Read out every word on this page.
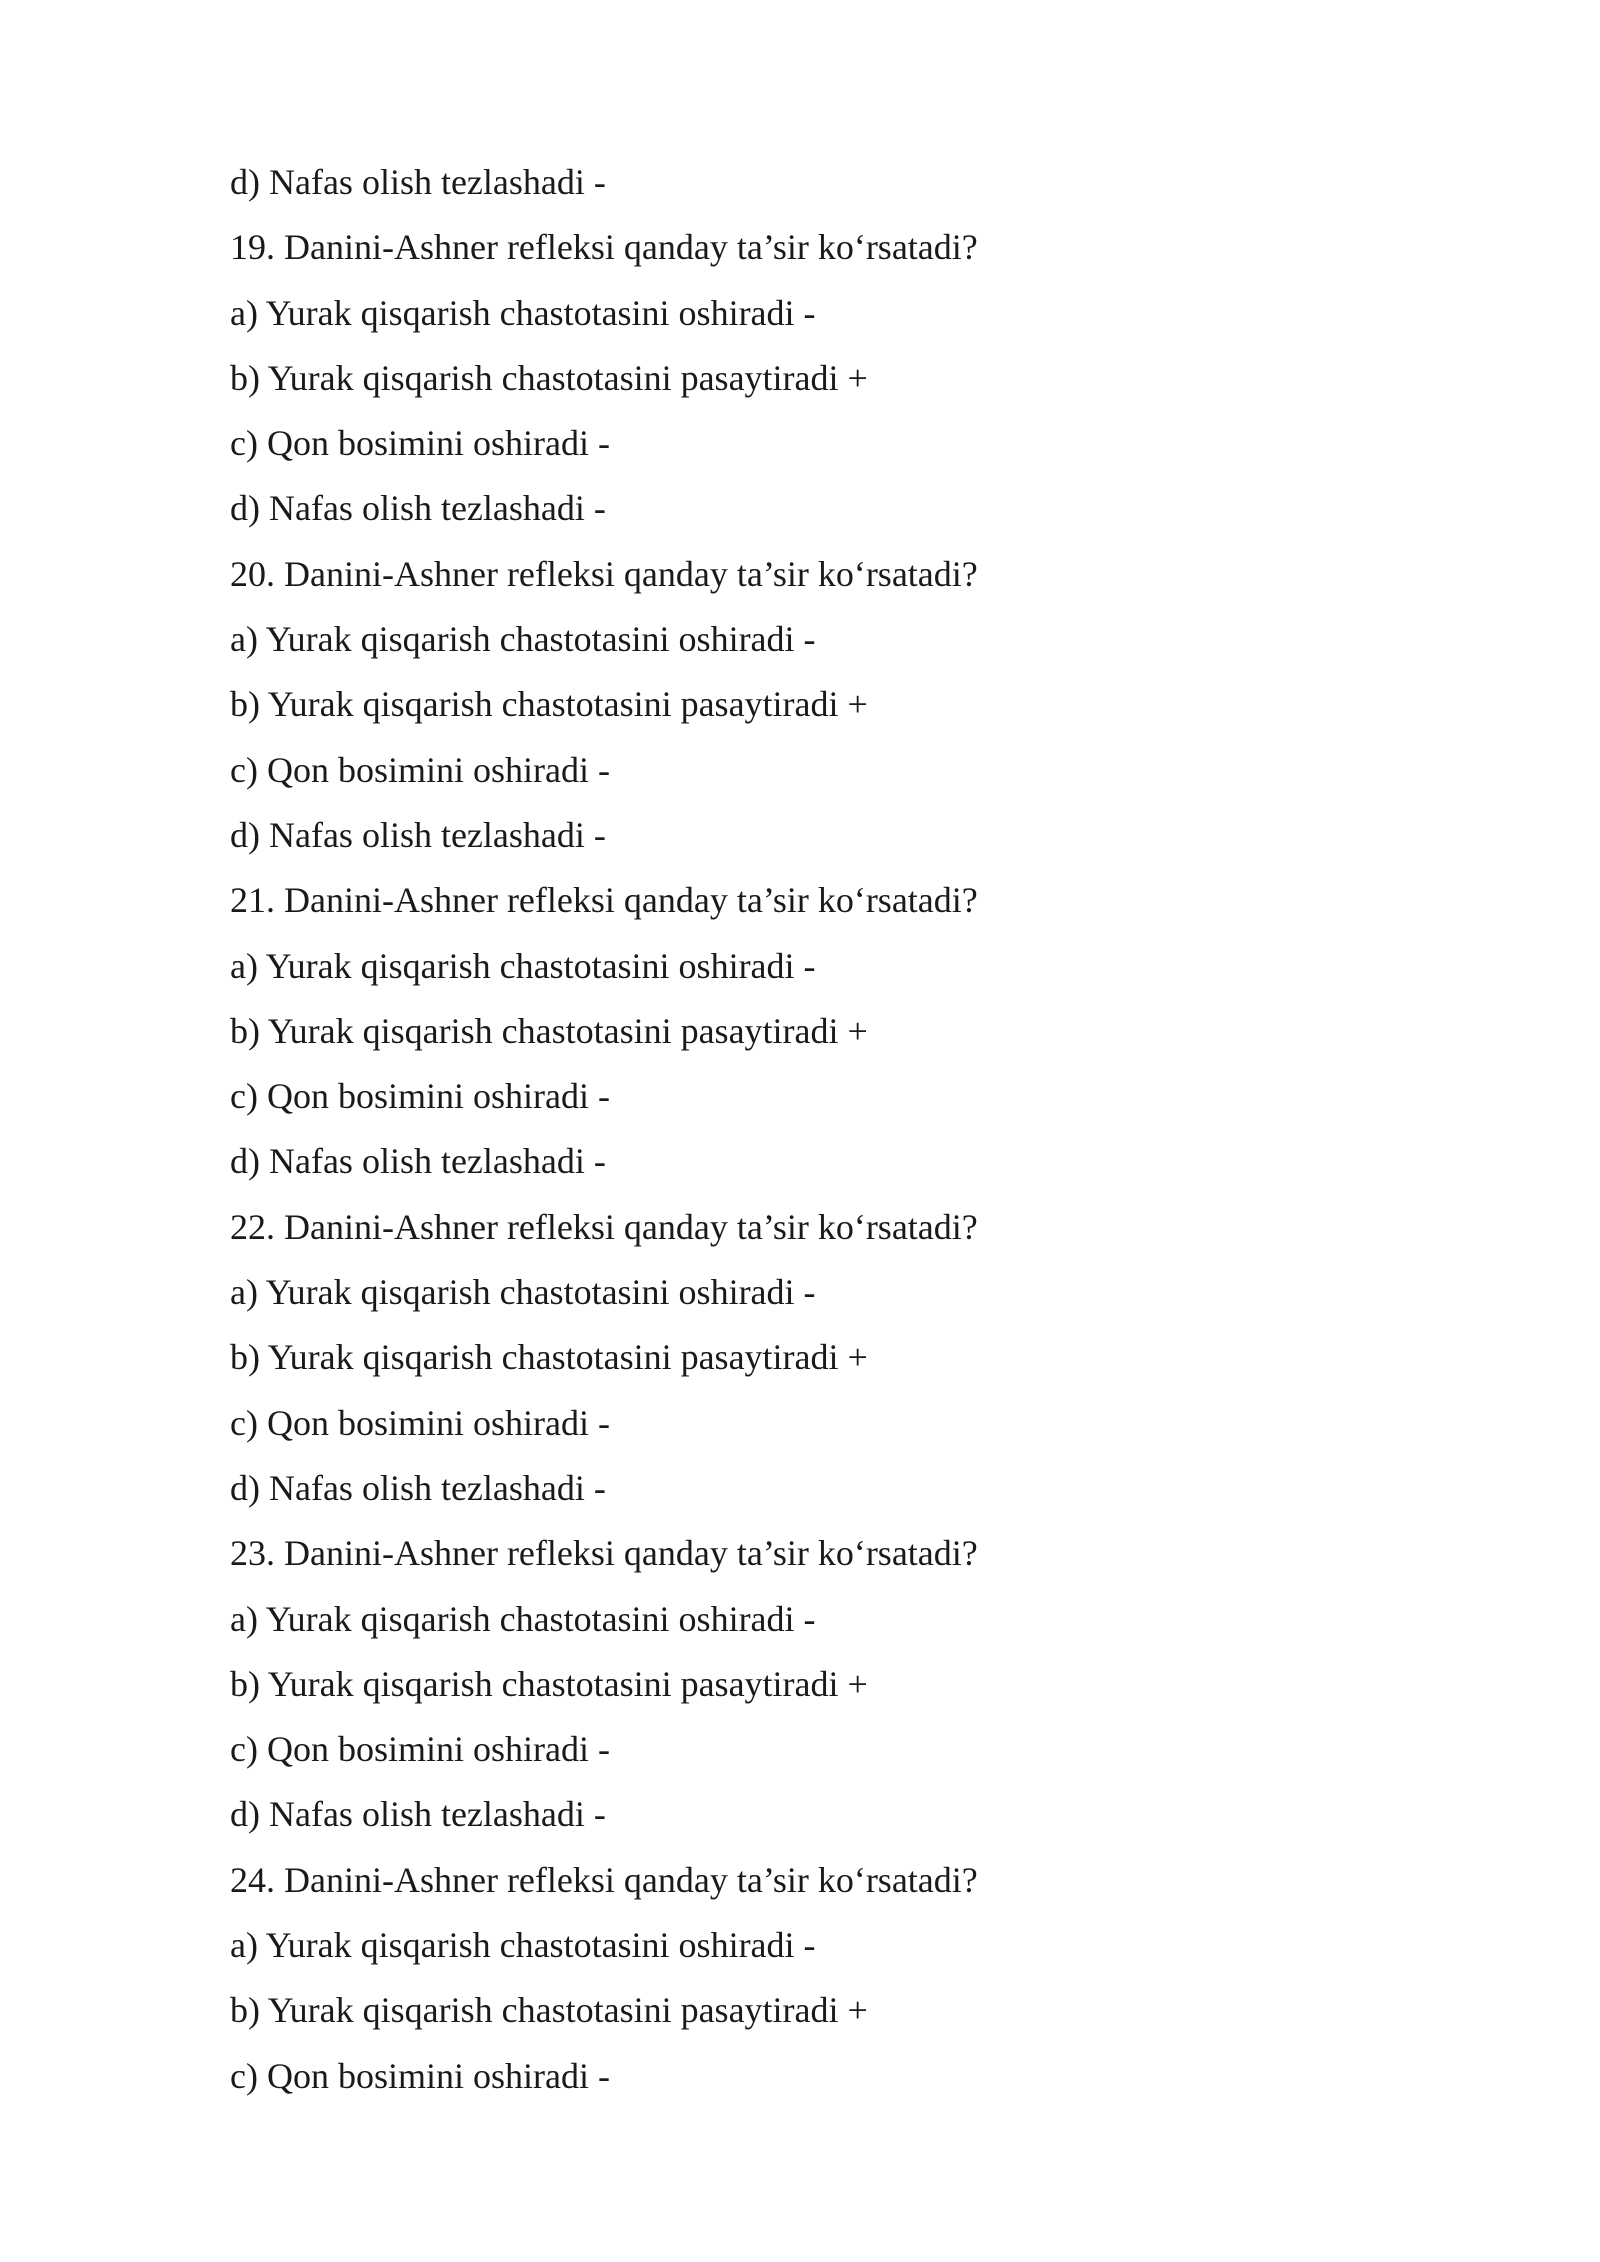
d) Nafas olish tezlashadi -
19. Danini-Ashner refleksi qanday ta’sir ko‘rsatadi?
a) Yurak qisqarish chastotasini oshiradi -
b) Yurak qisqarish chastotasini pasaytiradi +
c) Qon bosimini oshiradi -
d) Nafas olish tezlashadi -
20. Danini-Ashner refleksi qanday ta’sir ko‘rsatadi?
a) Yurak qisqarish chastotasini oshiradi -
b) Yurak qisqarish chastotasini pasaytiradi +
c) Qon bosimini oshiradi -
d) Nafas olish tezlashadi -
21. Danini-Ashner refleksi qanday ta’sir ko‘rsatadi?
a) Yurak qisqarish chastotasini oshiradi -
b) Yurak qisqarish chastotasini pasaytiradi +
c) Qon bosimini oshiradi -
d) Nafas olish tezlashadi -
22. Danini-Ashner refleksi qanday ta’sir ko‘rsatadi?
a) Yurak qisqarish chastotasini oshiradi -
b) Yurak qisqarish chastotasini pasaytiradi +
c) Qon bosimini oshiradi -
d) Nafas olish tezlashadi -
23. Danini-Ashner refleksi qanday ta’sir ko‘rsatadi?
a) Yurak qisqarish chastotasini oshiradi -
b) Yurak qisqarish chastotasini pasaytiradi +
c) Qon bosimini oshiradi -
d) Nafas olish tezlashadi -
24. Danini-Ashner refleksi qanday ta’sir ko‘rsatadi?
a) Yurak qisqarish chastotasini oshiradi -
b) Yurak qisqarish chastotasini pasaytiradi +
c) Qon bosimini oshiradi -
